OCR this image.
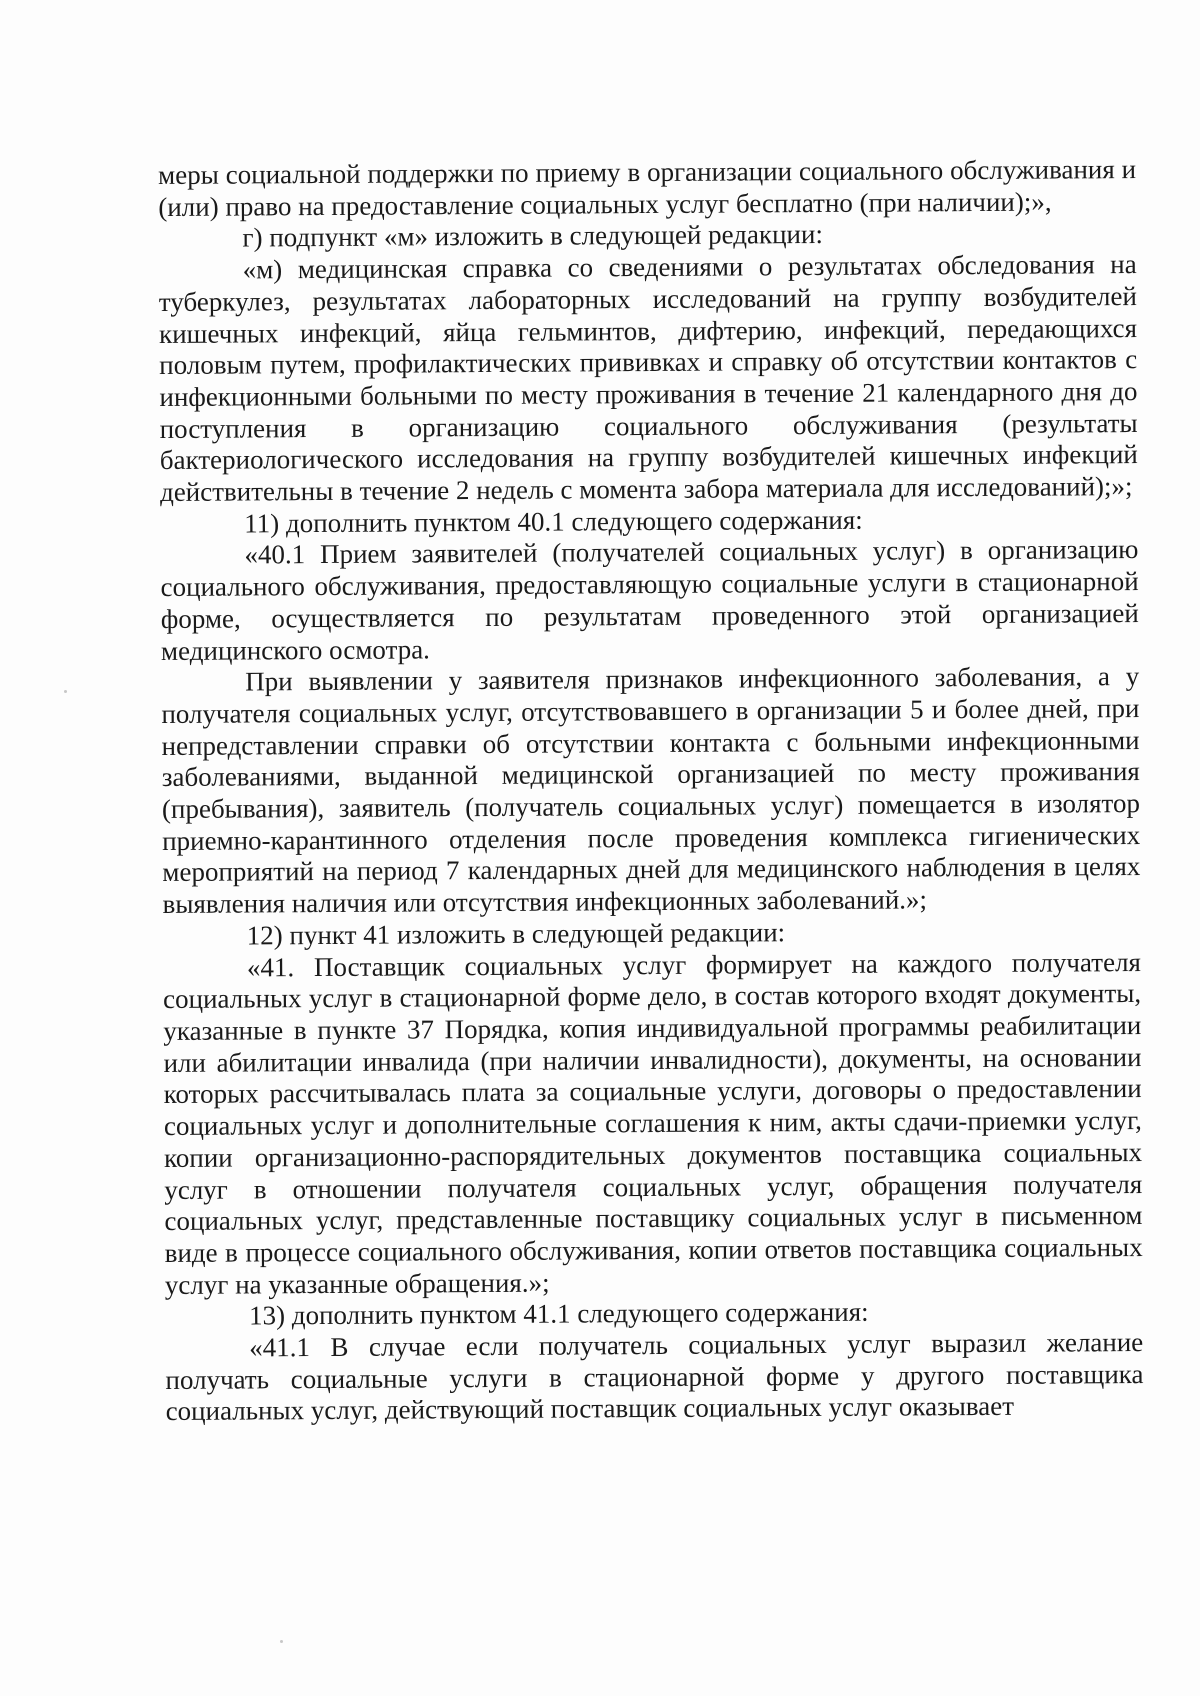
меры социальной поддержки по приему в организации социального обслуживания и (или) право на предоставление социальных услуг бесплатно (при наличии);»,

г) подпункт «м» изложить в следующей редакции:

«м) медицинская справка со сведениями о результатах обследования на туберкулез, результатах лабораторных исследований на группу возбудителей кишечных инфекций, яйца гельминтов, дифтерию, инфекций, передающихся половым путем, профилактических прививках и справку об отсутствии контактов с инфекционными больными по месту проживания в течение 21 календарного дня до поступления в организацию социального обслуживания (результаты бактериологического исследования на группу возбудителей кишечных инфекций действительны в течение 2 недель с момента забора материала для исследований);»;

11) дополнить пунктом 40.1 следующего содержания:

«40.1 Прием заявителей (получателей социальных услуг) в организацию социального обслуживания, предоставляющую социальные услуги в стационарной форме, осуществляется по результатам проведенного этой организацией медицинского осмотра.

При выявлении у заявителя признаков инфекционного заболевания, а у получателя социальных услуг, отсутствовавшего в организации 5 и более дней, при непредставлении справки об отсутствии контакта с больными инфекционными заболеваниями, выданной медицинской организацией по месту проживания (пребывания), заявитель (получатель социальных услуг) помещается в изолятор приемно-карантинного отделения после проведения комплекса гигиенических мероприятий на период 7 календарных дней для медицинского наблюдения в целях выявления наличия или отсутствия инфекционных заболеваний.»;

12) пункт 41 изложить в следующей редакции:

«41. Поставщик социальных услуг формирует на каждого получателя социальных услуг в стационарной форме дело, в состав которого входят документы, указанные в пункте 37 Порядка, копия индивидуальной программы реабилитации или абилитации инвалида (при наличии инвалидности), документы, на основании которых рассчитывалась плата за социальные услуги, договоры о предоставлении социальных услуг и дополнительные соглашения к ним, акты сдачи-приемки услуг, копии организационно-распорядительных документов поставщика социальных услуг в отношении получателя социальных услуг, обращения получателя социальных услуг, представленные поставщику социальных услуг в письменном виде в процессе социального обслуживания, копии ответов поставщика социальных услуг на указанные обращения.»;

13) дополнить пунктом 41.1 следующего содержания:

«41.1 В случае если получатель социальных услуг выразил желание получать социальные услуги в стационарной форме у другого поставщика социальных услуг, действующий поставщик социальных услуг оказывает
